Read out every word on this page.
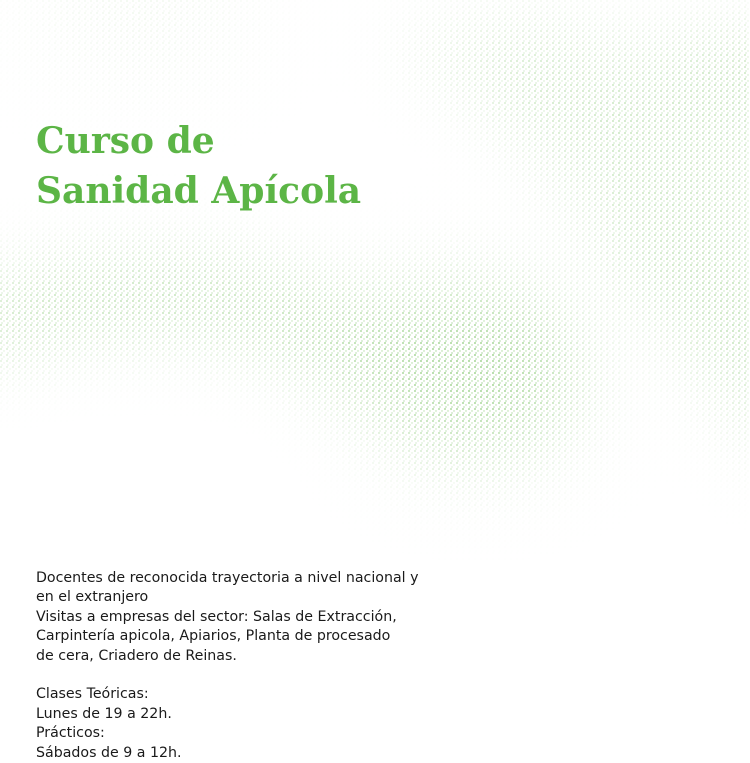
Curso de
Sanidad Apícola
Docentes de reconocida trayectoria a nivel nacional y
en el extranjero
Visitas a empresas del sector: Salas de Extracción,
Carpintería apicola, Apiarios, Planta de procesado
de cera, Criadero de Reinas.
Clases Teóricas:
Lunes de 19 a 22h.
Prácticos:
Sábados de 9 a 12h.
